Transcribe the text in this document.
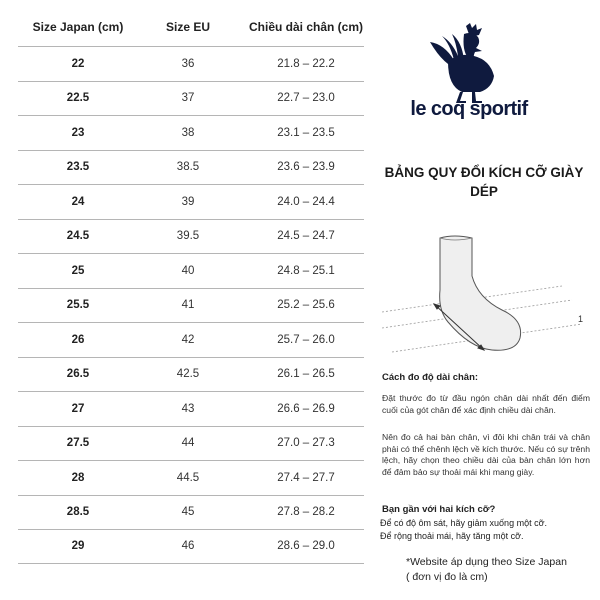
Size Japan (cm)	Size EU	Chiều dài chân (cm)
22	36	21.8 – 22.2
22.5	37	22.7 – 23.0
23	38	23.1 – 23.5
23.5	38.5	23.6 – 23.9
24	39	24.0 – 24.4
24.5	39.5	24.5 – 24.7
25	40	24.8 – 25.1
25.5	41	25.2 – 25.6
26	42	25.7 – 26.0
26.5	42.5	26.1 – 26.5
27	43	26.6 – 26.9
27.5	44	27.0 – 27.3
28	44.5	27.4 – 27.7
28.5	45	27.8 – 28.2
29	46	28.6 – 29.0
le coq sportif
BẢNG QUY ĐỔI KÍCH CỠ GIÀY DÉP
1
Cách đo độ dài chân:
Đặt thước đo từ đầu ngón chân dài nhất đến điểm cuối của gót chân để xác định chiều dài chân.
Nên đo cả hai bàn chân, vì đôi khi chân trái và chân phải có thể chênh lệch về kích thước. Nếu có sự trênh lệch, hãy chọn theo chiều dài của bàn chân lớn hơn để đảm bảo sự thoải mái khi mang giày.
Bạn gần với hai kích cỡ?
Để có độ ôm sát, hãy giảm xuống một cỡ.
Để rộng thoải mái, hãy tăng một cỡ.
*Website áp dụng theo Size Japan
( đơn vị đo là cm)
